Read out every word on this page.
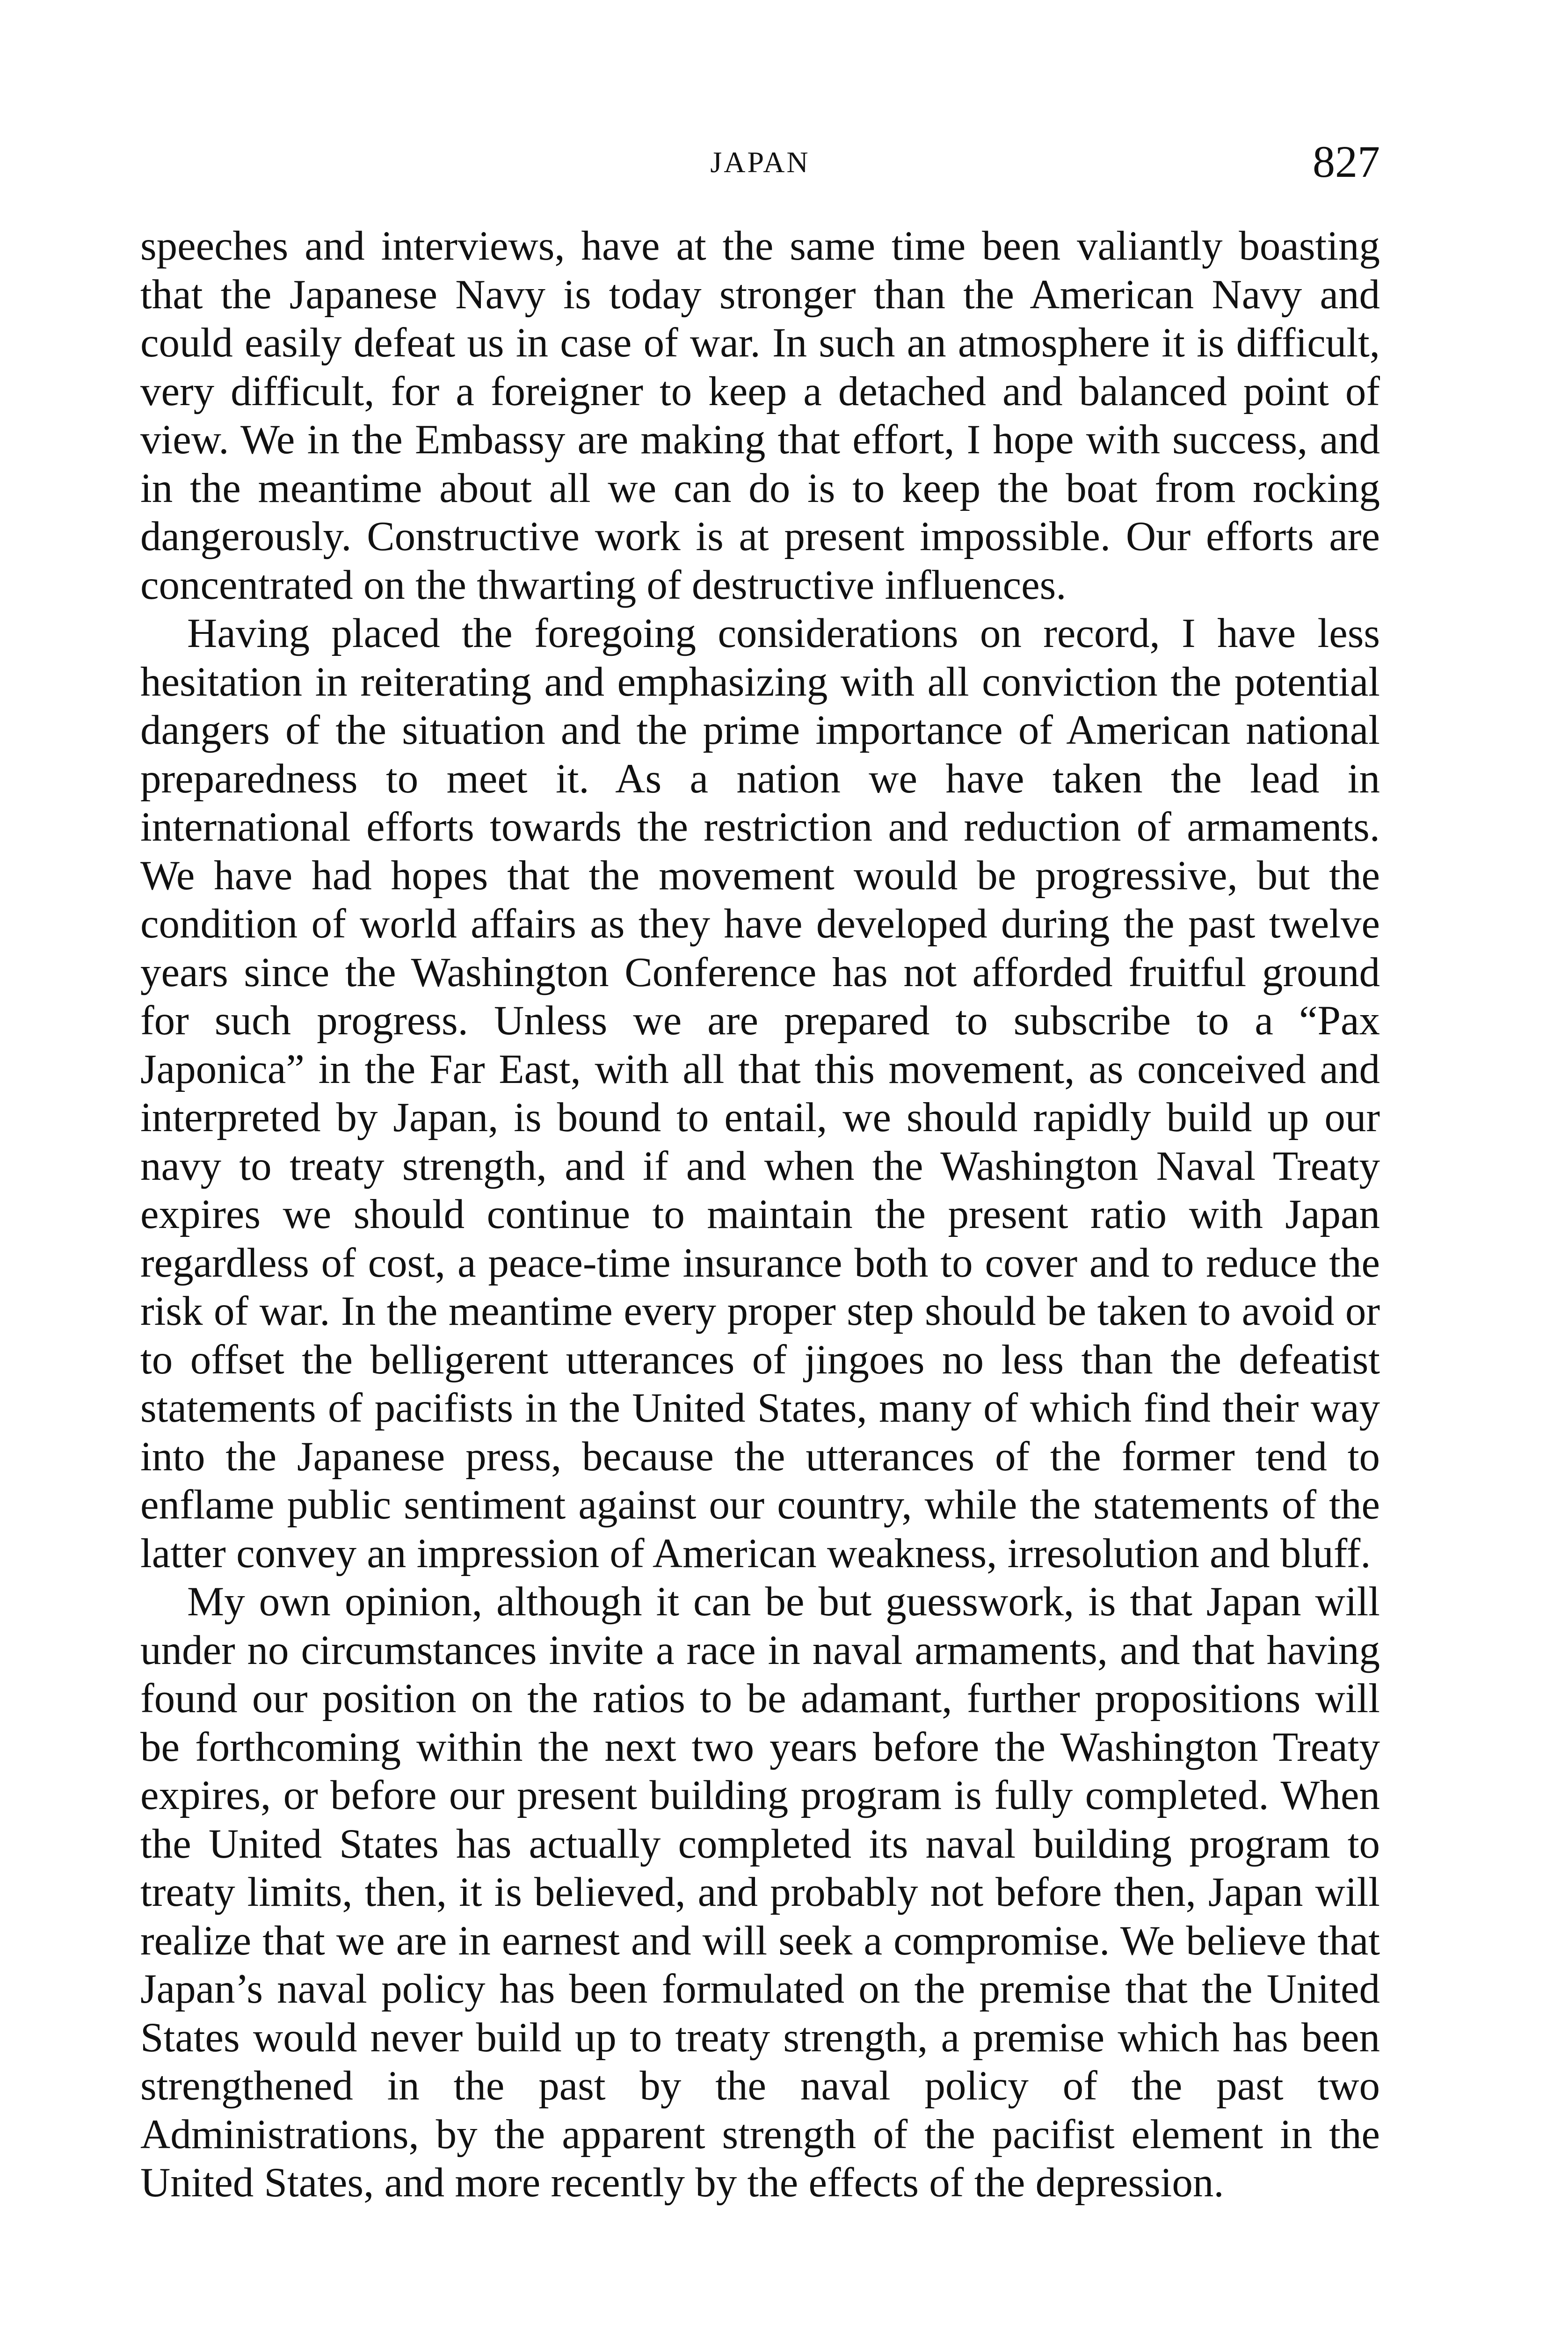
JAPAN	827

speeches and interviews, have at the same time been valiantly boasting that the Japanese Navy is today stronger than the American Navy and could easily defeat us in case of war. In such an atmosphere it is difficult, very difficult, for a foreigner to keep a detached and balanced point of view. We in the Embassy are making that effort, I hope with success, and in the meantime about all we can do is to keep the boat from rocking dangerously. Constructive work is at present impossible. Our efforts are concentrated on the thwarting of destructive influences.

Having placed the foregoing considerations on record, I have less hesitation in reiterating and emphasizing with all conviction the potential dangers of the situation and the prime importance of American national preparedness to meet it. As a nation we have taken the lead in international efforts towards the restriction and reduction of armaments. We have had hopes that the movement would be progressive, but the condition of world affairs as they have developed during the past twelve years since the Washington Conference has not afforded fruitful ground for such progress. Unless we are prepared to subscribe to a “Pax Japonica” in the Far East, with all that this movement, as conceived and interpreted by Japan, is bound to entail, we should rapidly build up our navy to treaty strength, and if and when the Washington Naval Treaty expires we should continue to maintain the present ratio with Japan regardless of cost, a peace-time insurance both to cover and to reduce the risk of war. In the meantime every proper step should be taken to avoid or to offset the belligerent utterances of jingoes no less than the defeatist statements of pacifists in the United States, many of which find their way into the Japanese press, because the utterances of the former tend to enflame public sentiment against our country, while the statements of the latter convey an impression of American weakness, irresolution and bluff.

My own opinion, although it can be but guesswork, is that Japan will under no circumstances invite a race in naval armaments, and that having found our position on the ratios to be adamant, further propositions will be forthcoming within the next two years before the Washington Treaty expires, or before our present building program is fully completed. When the United States has actually completed its naval building program to treaty limits, then, it is believed, and probably not before then, Japan will realize that we are in earnest and will seek a compromise. We believe that Japan’s naval policy has been formulated on the premise that the United States would never build up to treaty strength, a premise which has been strengthened in the past by the naval policy of the past two Administrations, by the apparent strength of the pacifist element in the United States, and more recently by the effects of the depression.
